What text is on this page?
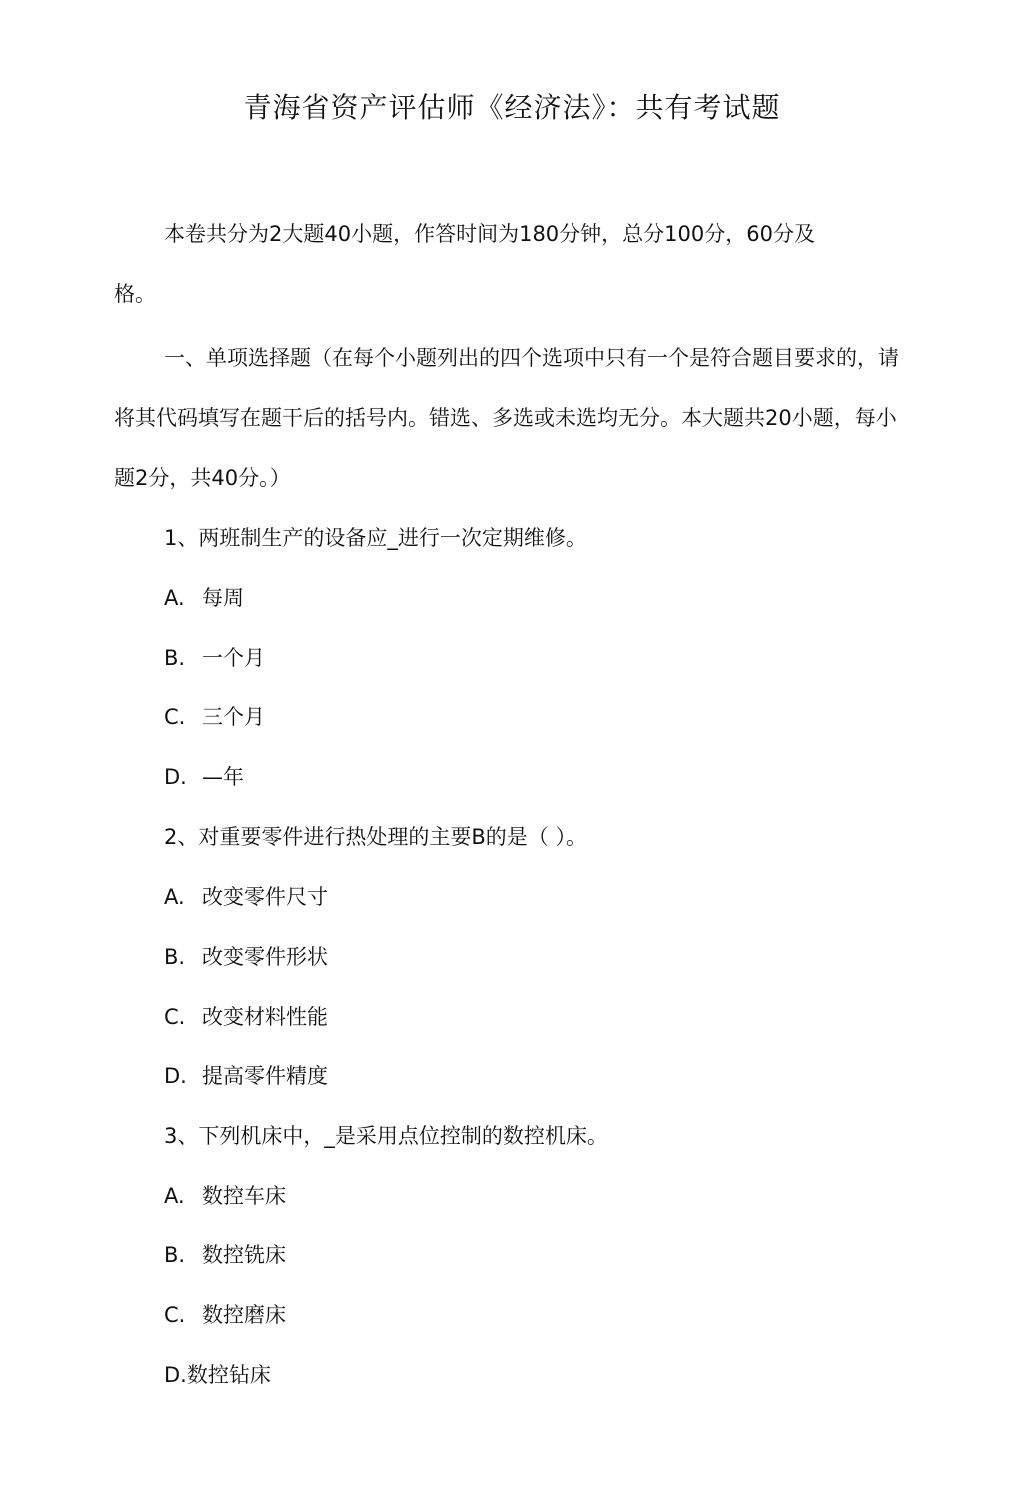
青海省资产评估师《经济法》：共有考试题

本卷共分为2大题40小题，作答时间为180分钟，总分100分，60分及格。

一、单项选择题（在每个小题列出的四个选项中只有一个是符合题目要求的，请将其代码填写在题干后的括号内。错选、多选或未选均无分。本大题共20小题，每小题2分，共40分。）

1、两班制生产的设备应_进行一次定期维修。
A. 每周
B. 一个月
C. 三个月
D. —年
2、对重要零件进行热处理的主要B的是（ ）。
A. 改变零件尺寸
B. 改变零件形状
C. 改变材料性能
D. 提高零件精度
3、下列机床中，_是采用点位控制的数控机床。
A. 数控车床
B. 数控铣床
C. 数控磨床
D.数控钻床
